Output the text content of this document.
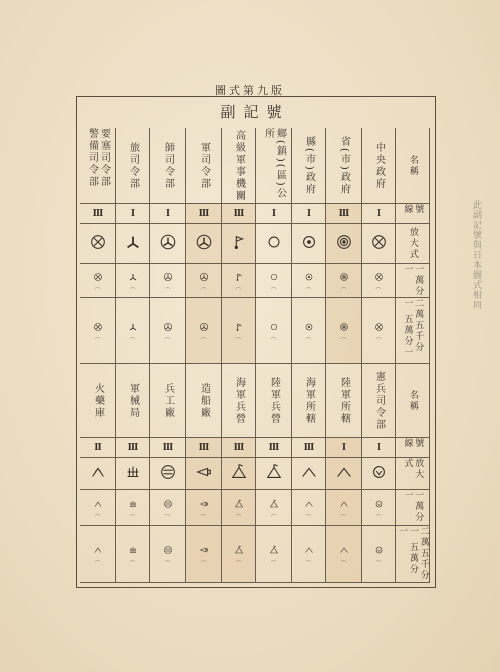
圖式第九版
副記號
要塞司令部 警備司令部
III
⌒
⌒
旅司令部
I
⌒
⌒
師司令部
I
⌒
⌒
軍司令部
III
⌒
⌒
高級軍事機關
III
⌒
⌒
鄉(鎮)(區)公所
I
⌒
⌒
縣(市)政府
I
⌒
⌒
省(市)政府
III
⌒
⌒
中央政府
I
⌒
⌒
名稱
號線
放大式
一萬分一
二萬五千分一 五萬分一
火藥庫
II
⌒
⌒
軍械局
III
⌒
⌒
兵工廠
III
⌒
⌒
造船廠
III
⌒
⌒
海軍兵營
III
⌒
⌒
陸軍兵營
III
⌒
⌒
海軍所轄
III
⌒
⌒
陸軍所轄
I
⌒
⌒
憲兵司令部
I
⌒
⌒
名稱
號線
放大式
一萬分一
二萬五千分一 五萬分一
此副記號與日本圖式相同
